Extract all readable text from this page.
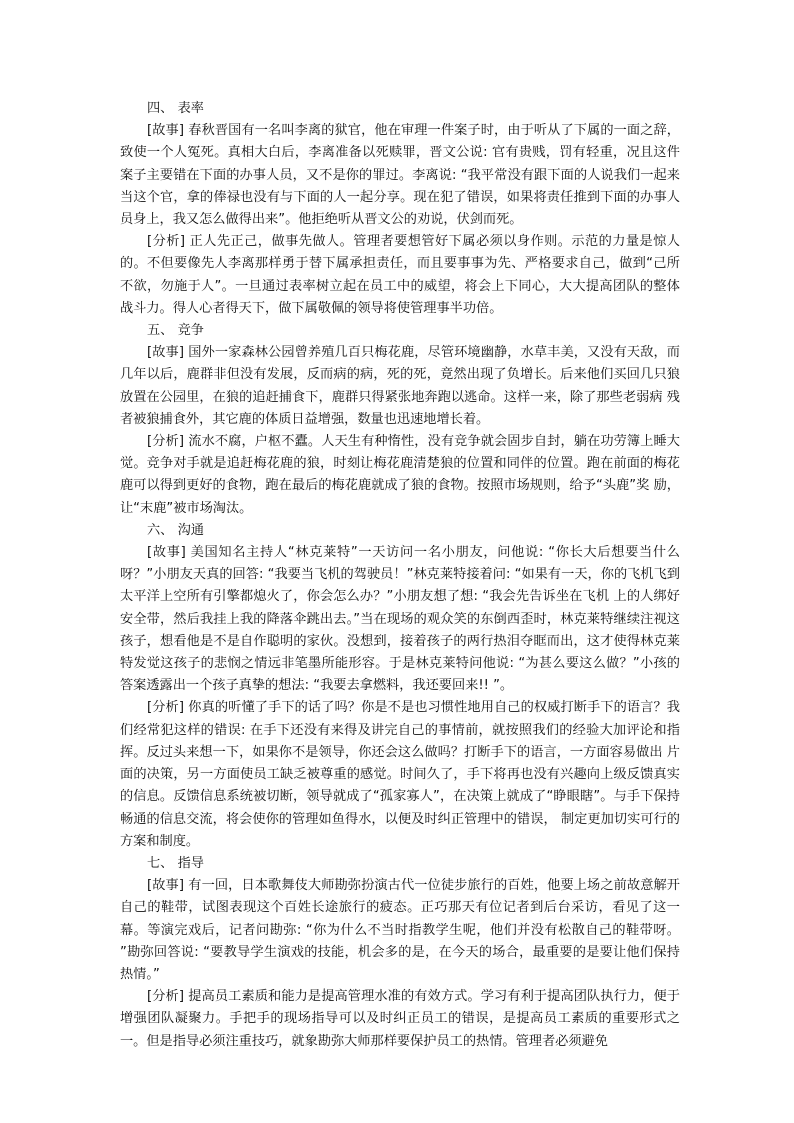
四、 表率

[故事] 春秋晋国有一名叫李离的狱官，他在审理一件案子时，由于听从了下属的一面之辞，致使一个人冤死。真相大白后，李离准备以死赎罪，晋文公说: 官有贵贱，罚有轻重，况且这件案子主要错在下面的办事人员，又不是你的罪过。李离说: “我平常没有跟下面的人说我们一起来当这个官，拿的俸禄也没有与下面的人一起分享。现在犯了错误，如果将责任推到下面的办事人员身上，我又怎么做得出来”。他拒绝听从晋文公的劝说，伏剑而死。

[分析] 正人先正己，做事先做人。管理者要想管好下属必须以身作则。示范的力量是惊人的。不但要像先人李离那样勇于替下属承担责任，而且要事事为先、严格要求自己，做到“己所不欲，勿施于人”。一旦通过表率树立起在员工中的威望，将会上下同心，大大提高团队的整体 战斗力。得人心者得天下，做下属敬佩的领导将使管理事半功倍。

五、 竞争

[故事] 国外一家森林公园曾养殖几百只梅花鹿，尽管环境幽静，水草丰美，又没有天敌，而几年以后，鹿群非但没有发展，反而病的病，死的死，竟然出现了负增长。后来他们买回几只狼放置在公园里，在狼的追赶捕食下，鹿群只得紧张地奔跑以逃命。这样一来，除了那些老弱病 残者被狼捕食外，其它鹿的体质日益增强，数量也迅速地增长着。

[分析] 流水不腐，户枢不蠹。人天生有种惰性，没有竞争就会固步自封，躺在功劳簿上睡大觉。竞争对手就是追赶梅花鹿的狼，时刻让梅花鹿清楚狼的位置和同伴的位置。跑在前面的梅花鹿可以得到更好的食物，跑在最后的梅花鹿就成了狼的食物。按照市场规则，给予“头鹿”奖 励，让“末鹿”被市场淘汰。

六、 沟通

[故事] 美国知名主持人“林克莱特”一天访问一名小朋友，问他说: “你长大后想要当什么呀？”小朋友天真的回答: “我要当飞机的驾驶员！”林克莱特接着问: “如果有一天，你的飞机飞到太平洋上空所有引擎都熄火了，你会怎么办？”小朋友想了想: “我会先告诉坐在飞机 上的人绑好安全带，然后我挂上我的降落伞跳出去。”当在现场的观众笑的东倒西歪时，林克莱特继续注视这孩子，想看他是不是自作聪明的家伙。没想到，接着孩子的两行热泪夺眶而出，这才使得林克莱特发觉这孩子的悲悯之情远非笔墨所能形容。于是林克莱特问他说: “为甚么要这么做？”小孩的答案透露出一个孩子真挚的想法: “我要去拿燃料，我还要回来!! ”。

[分析] 你真的听懂了手下的话了吗？你是不是也习惯性地用自己的权威打断手下的语言？我们经常犯这样的错误: 在手下还没有来得及讲完自己的事情前，就按照我们的经验大加评论和指挥。反过头来想一下，如果你不是领导，你还会这么做吗？打断手下的语言，一方面容易做出 片面的决策，另一方面使员工缺乏被尊重的感觉。时间久了，手下将再也没有兴趣向上级反馈真实的信息。反馈信息系统被切断，领导就成了“孤家寡人”，在决策上就成了“睁眼瞎”。与手下保持畅通的信息交流，将会使你的管理如鱼得水，以便及时纠正管理中的错误， 制定更加切实可行的方案和制度。

七、 指导

[故事] 有一回，日本歌舞伎大师勘弥扮演古代一位徒步旅行的百姓，他要上场之前故意解开自己的鞋带，试图表现这个百姓长途旅行的疲态。正巧那天有位记者到后台采访，看见了这一幕。等演完戏后，记者问勘弥: “你为什么不当时指教学生呢，他们并没有松散自己的鞋带呀。 ”勘弥回答说: “要教导学生演戏的技能，机会多的是，在今天的场合，最重要的是要让他们保持热情。”

[分析] 提高员工素质和能力是提高管理水准的有效方式。学习有利于提高团队执行力，便于增强团队凝聚力。手把手的现场指导可以及时纠正员工的错误，是提高员工素质的重要形式之一。但是指导必须注重技巧，就象勘弥大师那样要保护员工的热情。管理者必须避免
